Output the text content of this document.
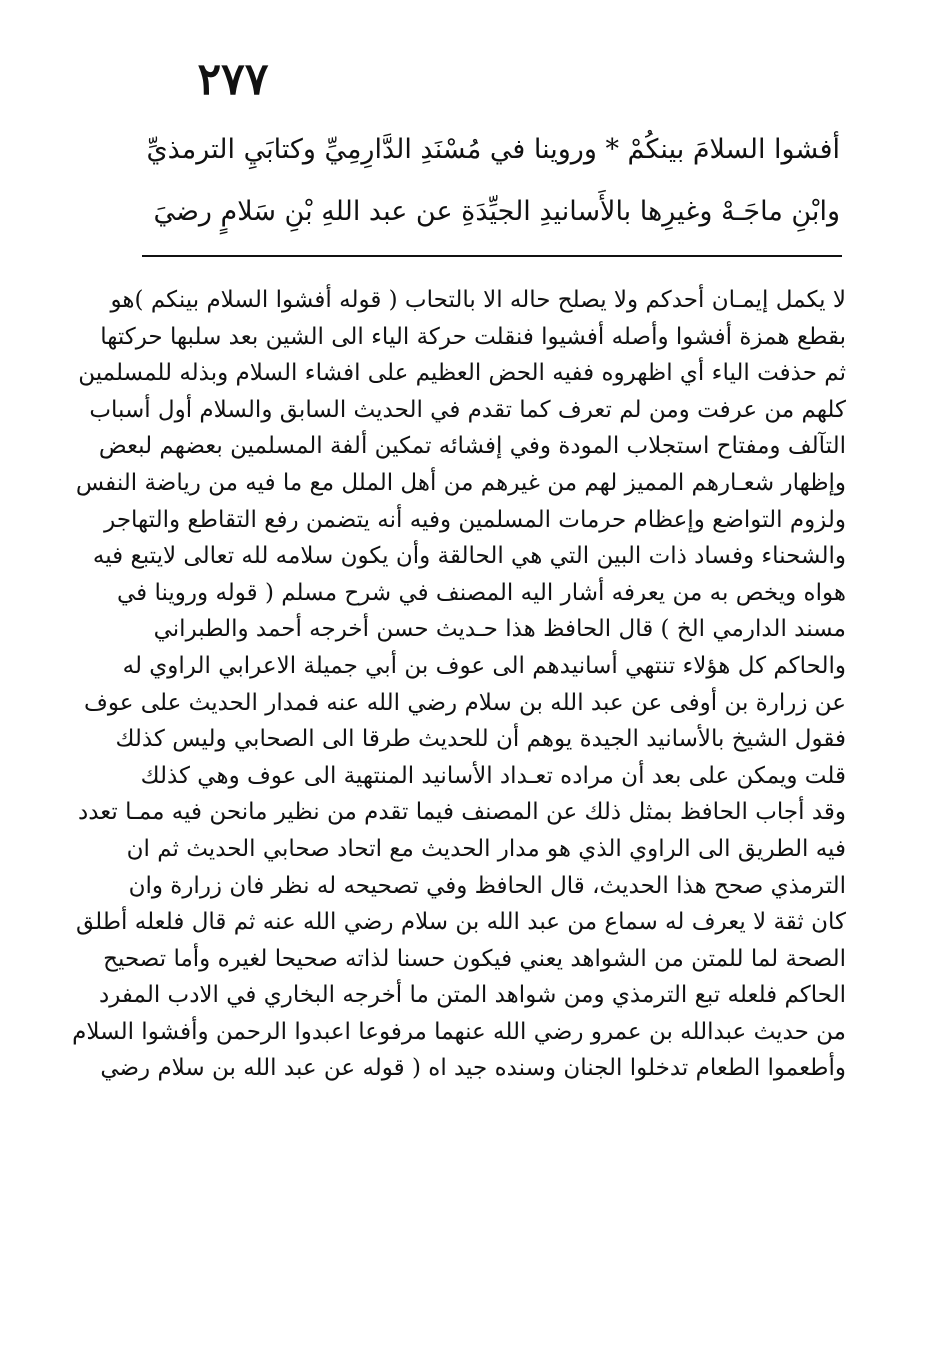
٢٧٧
أفشوا السلامَ بينكُمْ * وروينا في مُسْنَدِ الدَّارِمِيِّ وكتابَيِ الترمذيِّ
وابْنِ ماجَـهْ وغيرِها بالأَسانيدِ الجيِّدَةِ عن عبد اللهِ بْنِ سَلامٍ رضيَ
لا يكمل إيمـان أحدكم ولا يصلح حاله الا بالتحاب ( قوله أفشوا السلام بينكم )هو
بقطع همزة أفشوا وأصله أفشيوا فنقلت حركة الياء الى الشين بعد سلبها حركتها
ثم حذفت الياء أي اظهروه ففيه الحض العظيم على افشاء السلام وبذله للمسلمين
كلهم من عرفت ومن لم تعرف كما تقدم في الحديث السابق والسلام أول أسباب
التآلف ومفتاح استجلاب المودة وفي إفشائه تمكين ألفة المسلمين بعضهم لبعض
وإظهار شعـارهم المميز لهم من غيرهم من أهل الملل مع ما فيه من رياضة النفس
ولزوم التواضع وإعظام حرمات المسلمين وفيه أنه يتضمن رفع التقاطع والتهاجر
والشحناء وفساد ذات البين التي هي الحالقة وأن يكون سلامه لله تعالى لايتبع فيه
هواه ويخص به من يعرفه أشار اليه المصنف في شرح مسلم ( قوله وروينا في
مسند الدارمي الخ ) قال الحافظ هذا حـديث حسن أخرجه أحمد والطبراني
والحاكم كل هؤلاء تنتهي أسانيدهم الى عوف بن أبي جميلة الاعرابي الراوي له
عن زرارة بن أوفى عن عبد الله بن سلام رضي الله عنه فمدار الحديث على عوف
فقول الشيخ بالأسانيد الجيدة يوهم أن للحديث طرقا الى الصحابي وليس كذلك
قلت ويمكن على بعد أن مراده تعـداد الأسانيد المنتهية الى عوف وهي كذلك
وقد أجاب الحافظ بمثل ذلك عن المصنف فيما تقدم من نظير مانحن فيه ممـا تعدد
فيه الطريق الى الراوي الذي هو مدار الحديث مع اتحاد صحابي الحديث ثم ان
الترمذي صحح هذا الحديث، قال الحافظ وفي تصحيحه له نظر فان زرارة وان
كان ثقة لا يعرف له سماع من عبد الله بن سلام رضي الله عنه ثم قال فلعله أطلق
الصحة لما للمتن من الشواهد يعني فيكون حسنا لذاته صحيحا لغيره وأما تصحيح
الحاكم فلعله تبع الترمذي ومن شواهد المتن ما أخرجه البخاري في الادب المفرد
من حديث عبدالله بن عمرو رضي الله عنهما مرفوعا اعبدوا الرحمن وأفشوا السلام
وأطعموا الطعام تدخلوا الجنان وسنده جيد اه ( قوله عن عبد الله بن سلام رضي
